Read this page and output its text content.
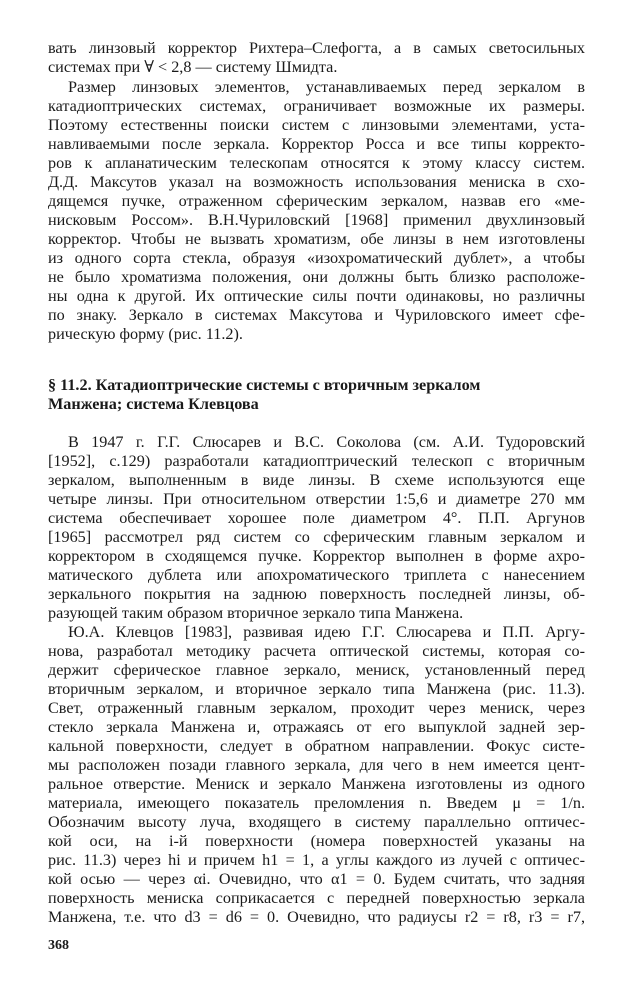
вать линзовый корректор Рихтера–Слефогта, а в самых светосильных

системах при ∀ < 2,8 — систему Шмидта.

Размер линзовых элементов, устанавливаемых перед зеркалом в

катадиоптрических системах, ограничивает возможные их размеры.

Поэтому естественны поиски систем с линзовыми элементами, уста-

навливаемыми после зеркала. Корректор Росса и все типы корректо-

ров к апланатическим телескопам относятся к этому классу систем.

Д.Д. Максутов указал на возможность использования мениска в схо-

дящемся пучке, отраженном сферическим зеркалом, назвав его «ме-

нисковым Россом». В.Н.Чуриловский [1968] применил двухлинзовый

корректор. Чтобы не вызвать хроматизм, обе линзы в нем изготовлены

из одного сорта стекла, образуя «изохроматический дублет», а чтобы

не было хроматизма положения, они должны быть близко расположе-

ны одна к другой. Их оптические силы почти одинаковы, но различны

по знаку. Зеркало в системах Максутова и Чуриловского имеет сфе-

рическую форму (рис. 11.2).

§ 11.2. Катадиоптрические системы с вторичным зеркалом

Манжена; система Клевцова

В 1947 г. Г.Г. Слюсарев и В.С. Соколова (см. А.И. Тудоровский

[1952], с.129) разработали катадиоптрический телескоп с вторичным

зеркалом, выполненным в виде линзы. В схеме используются еще

четыре линзы. При относительном отверстии 1:5,6 и диаметре 270 мм

система обеспечивает хорошее поле диаметром 4°. П.П. Аргунов

[1965] рассмотрел ряд систем со сферическим главным зеркалом и

корректором в сходящемся пучке. Корректор выполнен в форме ахро-

матического дублета или апохроматического триплета с нанесением

зеркального покрытия на заднюю поверхность последней линзы, об-

разующей таким образом вторичное зеркало типа Манжена.

Ю.А. Клевцов [1983], развивая идею Г.Г. Слюсарева и П.П. Аргу-

нова, разработал методику расчета оптической системы, которая со-

держит сферическое главное зеркало, мениск, установленный перед

вторичным зеркалом, и вторичное зеркало типа Манжена (рис. 11.3).

Свет, отраженный главным зеркалом, проходит через мениск, через

стекло зеркала Манжена и, отражаясь от его выпуклой задней зер-

кальной поверхности, следует в обратном направлении. Фокус систе-

мы расположен позади главного зеркала, для чего в нем имеется цент-

ральное отверстие. Мениск и зеркало Манжена изготовлены из одного

материала, имеющего показатель преломления n. Введем μ = 1/n.

Обозначим высоту луча, входящего в систему параллельно оптичес-

кой оси, на i-й поверхности (номера поверхностей указаны на

рис. 11.3) через hi и причем h1 = 1, а углы каждого из лучей с оптичес-

кой осью — через αi. Очевидно, что α1 = 0. Будем считать, что задняя

поверхность мениска соприкасается с передней поверхностью зеркала

Манжена, т.е. что d3 = d6 = 0. Очевидно, что радиусы r2 = r8, r3 = r7,

368
